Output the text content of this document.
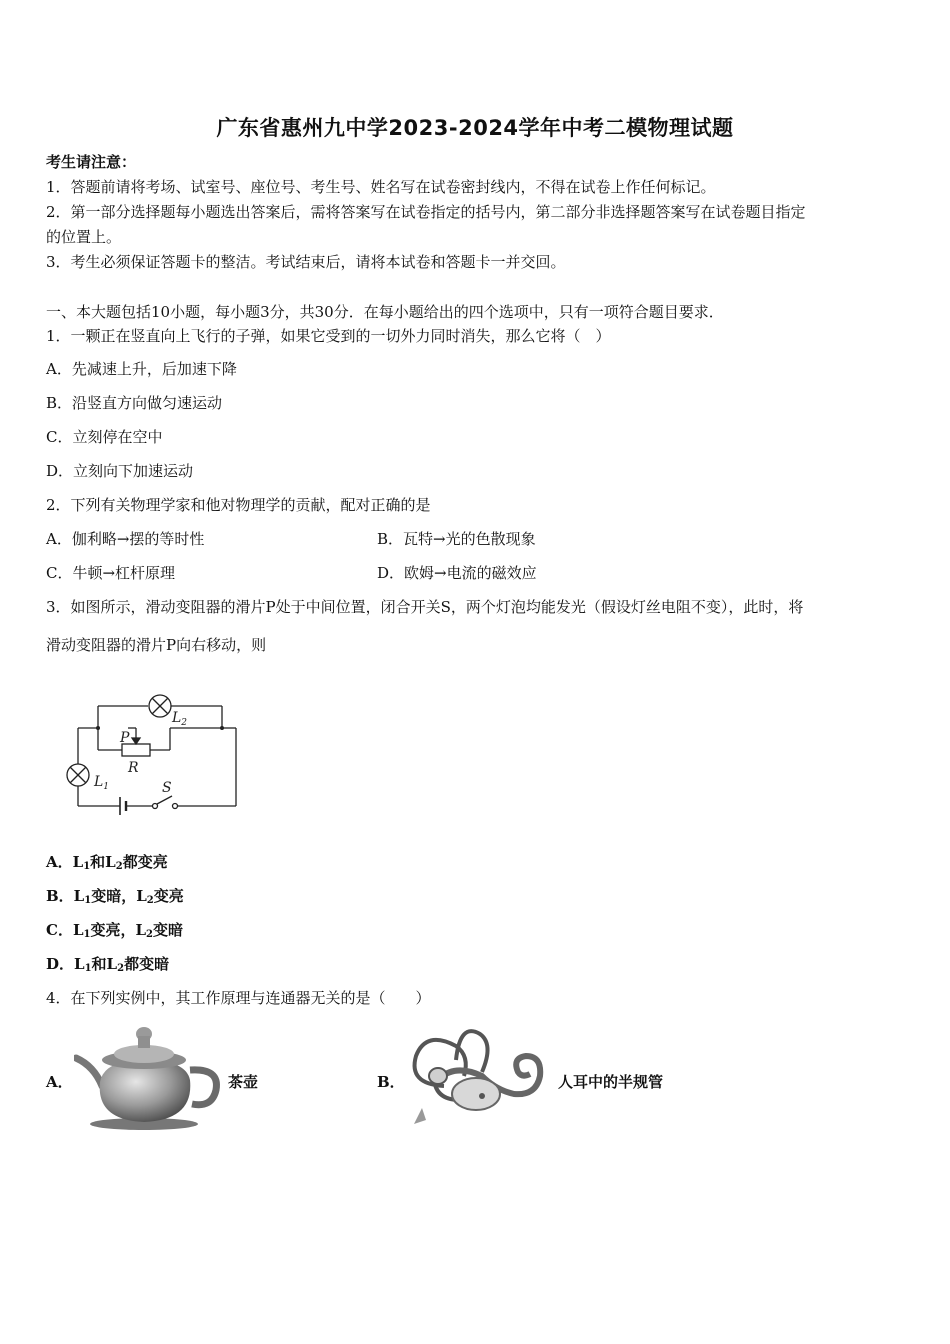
广东省惠州九中学2023-2024学年中考二模物理试题
考生请注意：
1．答题前请将考场、试室号、座位号、考生号、姓名写在试卷密封线内，不得在试卷上作任何标记。
2．第一部分选择题每小题选出答案后，需将答案写在试卷指定的括号内，第二部分非选择题答案写在试卷题目指定
的位置上。
3．考生必须保证答题卡的整洁。考试结束后，请将本试卷和答题卡一并交回。
一、本大题包括10小题，每小题3分，共30分．在每小题给出的四个选项中，只有一项符合题目要求．
1．一颗正在竖直向上飞行的子弹，如果它受到的一切外力同时消失，那么它将（　）
A．先减速上升，后加速下降
B．沿竖直方向做匀速运动
C．立刻停在空中
D．立刻向下加速运动
2．下列有关物理学家和他对物理学的贡献，配对正确的是
A．伽利略→摆的等时性	B．瓦特→光的色散现象
C．牛顿→杠杆原理	D．欧姆→电流的磁效应
3．如图所示，滑动变阻器的滑片P处于中间位置，闭合开关S，两个灯泡均能发光（假设灯丝电阻不变），此时，将
滑动变阻器的滑片P向右移动，则
$L_2$
$L_1$
P
R
S
A．$L_1$和$L_2$都变亮
B．$L_1$变暗，$L_2$变亮
C．$L_1$变亮，$L_2$变暗
D．$L_1$和$L_2$都变暗
4．在下列实例中，其工作原理与连通器无关的是（　　）
A．	茶壶	B．	人耳中的半规管
